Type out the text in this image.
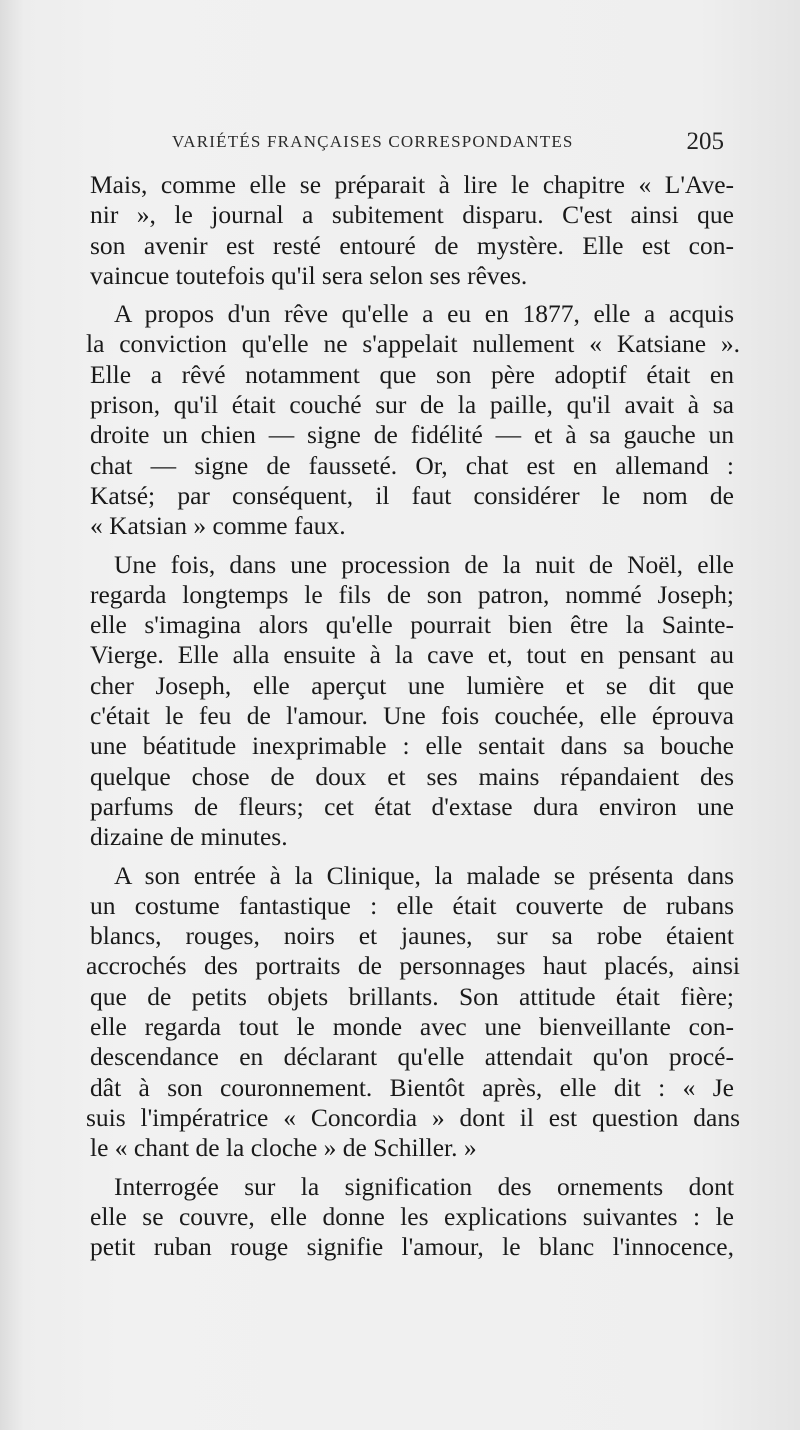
VARIÉTÉS FRANÇAISES CORRESPONDANTES	205

Mais, comme elle se préparait à lire le chapitre « L'Ave-
nir », le journal a subitement disparu. C'est ainsi que
son avenir est resté entouré de mystère. Elle est con-
vaincue toutefois qu'il sera selon ses rêves.

A propos d'un rêve qu'elle a eu en 1877, elle a acquis
la conviction qu'elle ne s'appelait nullement « Katsiane ».
Elle a rêvé notamment que son père adoptif était en
prison, qu'il était couché sur de la paille, qu'il avait à sa
droite un chien — signe de fidélité — et à sa gauche un
chat — signe de fausseté. Or, chat est en allemand :
Katsé; par conséquent, il faut considérer le nom de
« Katsian » comme faux.

Une fois, dans une procession de la nuit de Noël, elle
regarda longtemps le fils de son patron, nommé Joseph;
elle s'imagina alors qu'elle pourrait bien être la Sainte-
Vierge. Elle alla ensuite à la cave et, tout en pensant au
cher Joseph, elle aperçut une lumière et se dit que
c'était le feu de l'amour. Une fois couchée, elle éprouva
une béatitude inexprimable : elle sentait dans sa bouche
quelque chose de doux et ses mains répandaient des
parfums de fleurs; cet état d'extase dura environ une
dizaine de minutes.

A son entrée à la Clinique, la malade se présenta dans
un costume fantastique : elle était couverte de rubans
blancs, rouges, noirs et jaunes, sur sa robe étaient
accrochés des portraits de personnages haut placés, ainsi
que de petits objets brillants. Son attitude était fière;
elle regarda tout le monde avec une bienveillante con-
descendance en déclarant qu'elle attendait qu'on procé-
dât à son couronnement. Bientôt après, elle dit : « Je
suis l'impératrice « Concordia » dont il est question dans
le « chant de la cloche » de Schiller. »

Interrogée sur la signification des ornements dont
elle se couvre, elle donne les explications suivantes : le
petit ruban rouge signifie l'amour, le blanc l'innocence,
